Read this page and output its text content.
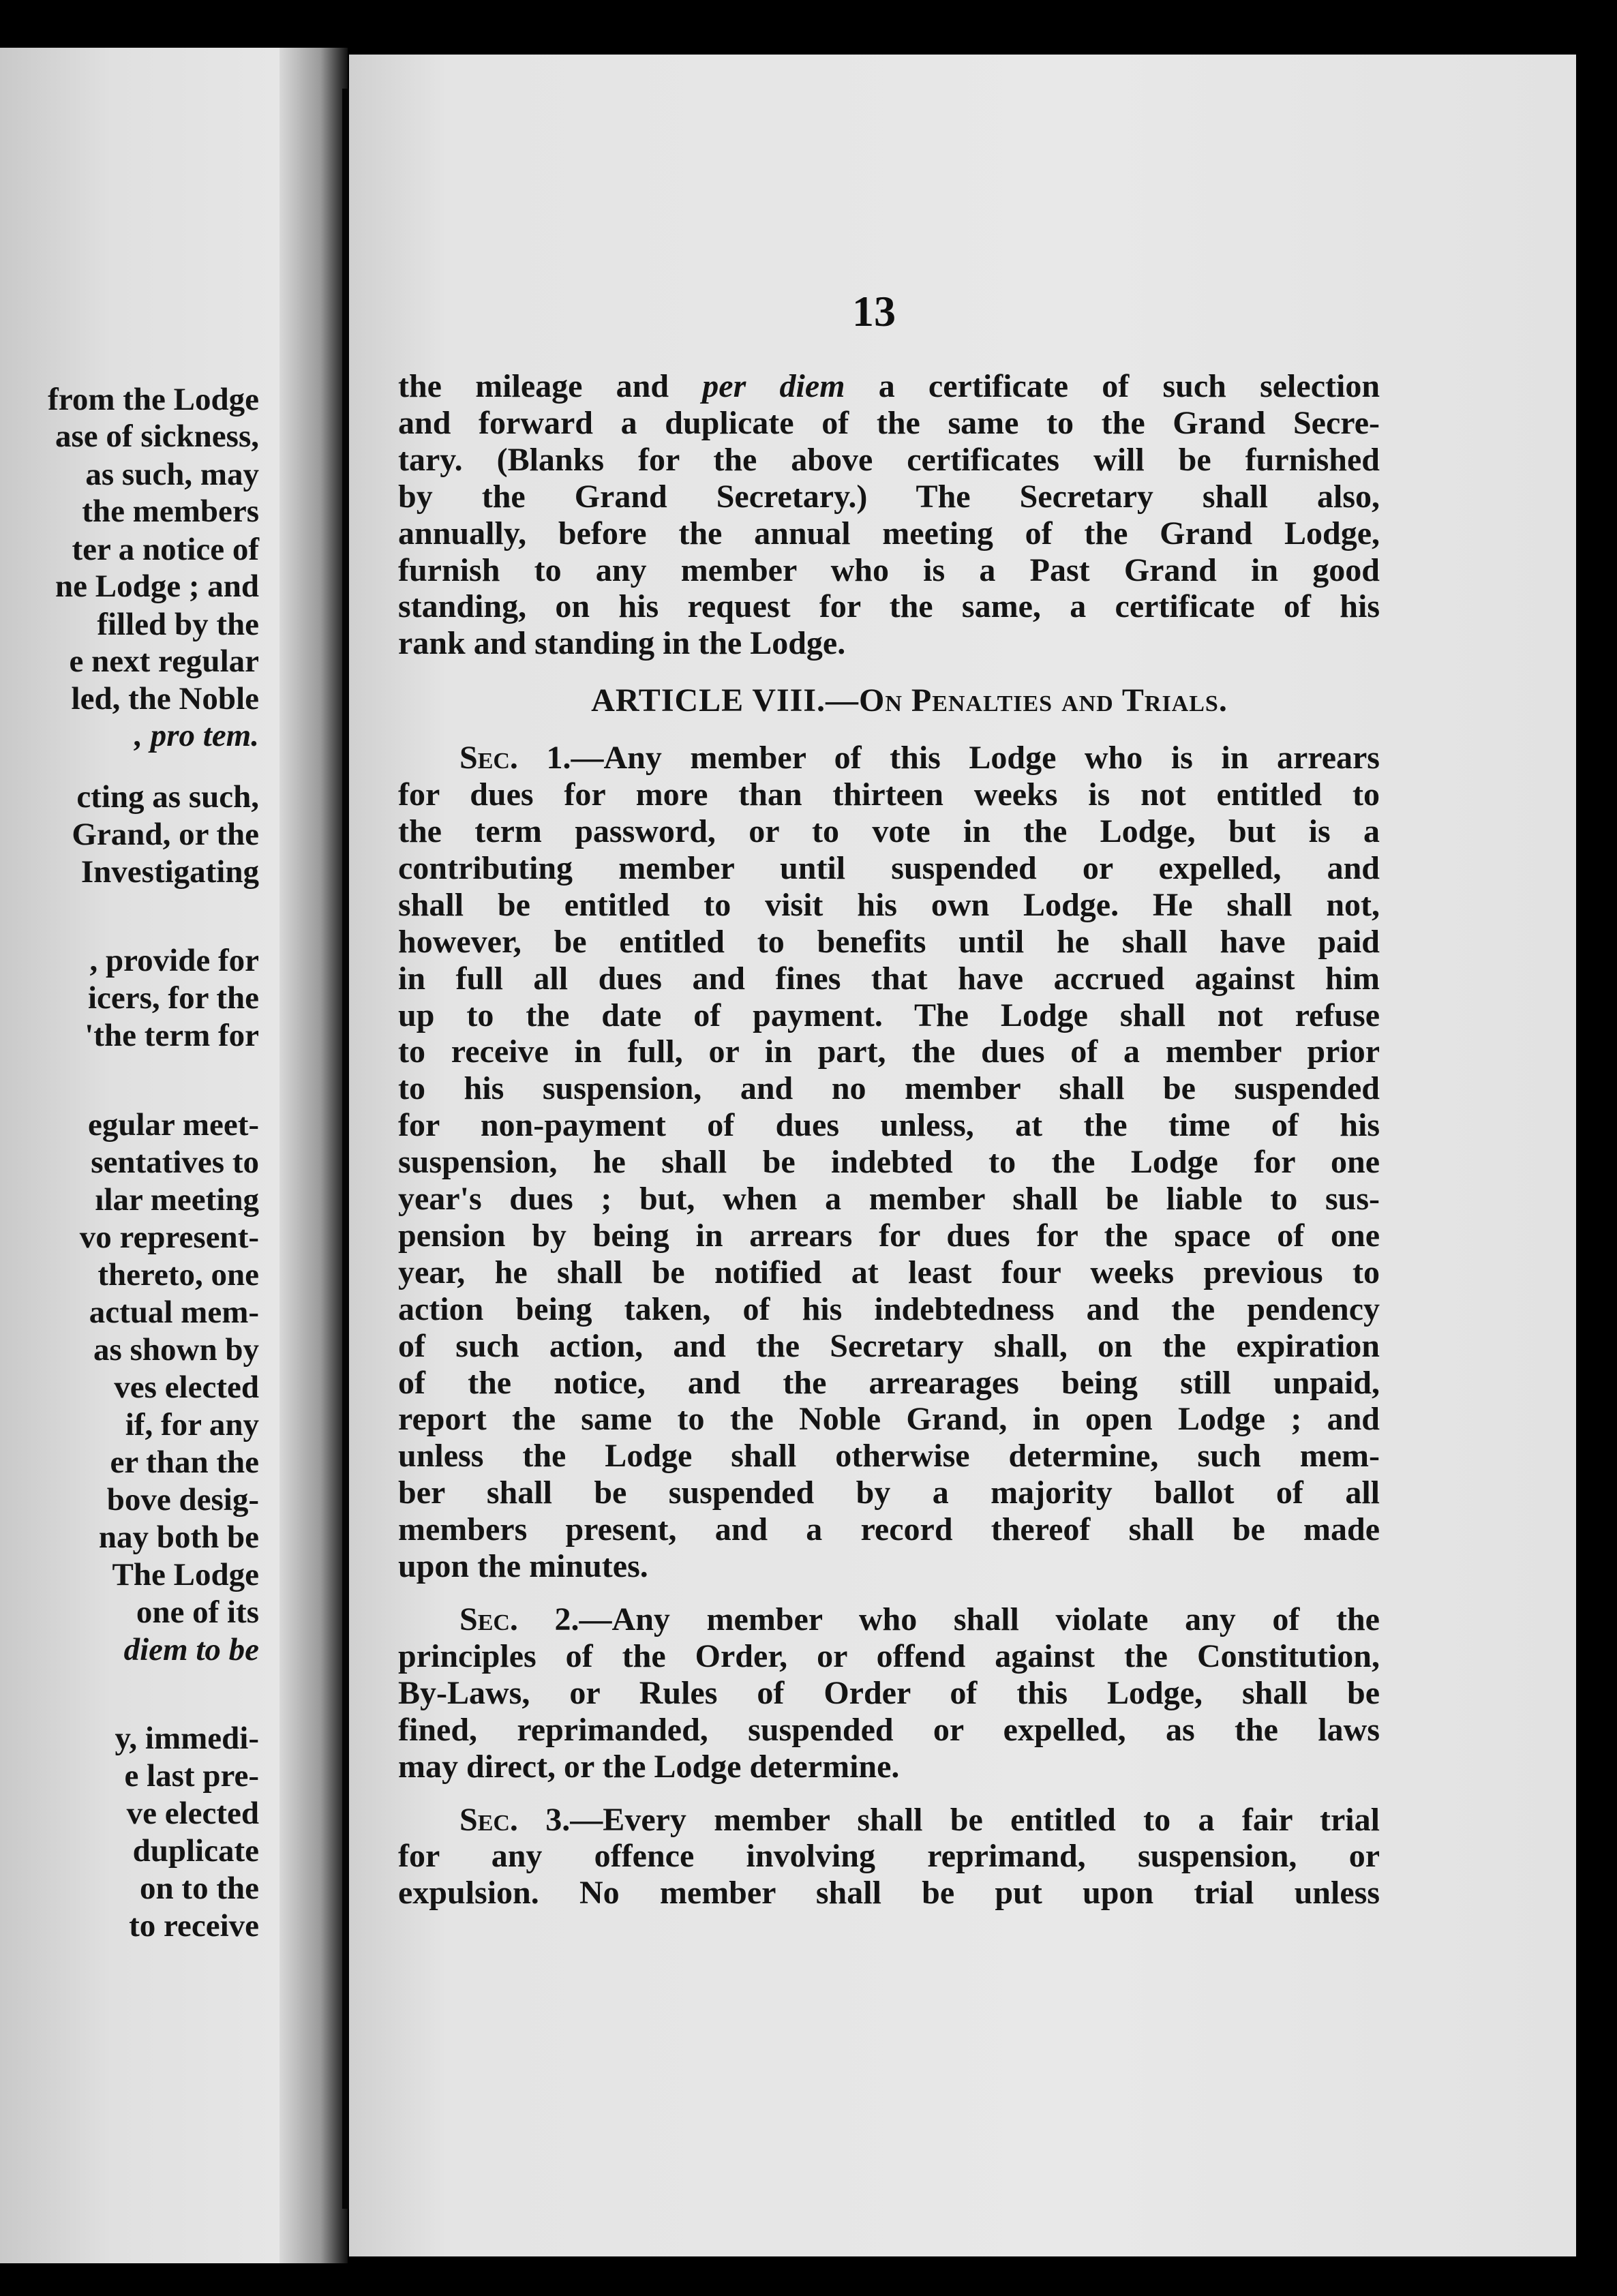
from the Lodge
ase of sickness,
as such, may
the members
ter a notice of
ne Lodge ; and
filled by the
e next regular
led, the Noble
, pro tem.
cting as such,
Grand, or the
Investigating
, provide for
icers, for the
'the term for
egular meet-
sentatives to
ılar meeting
vo represent-
thereto, one
actual mem-
as shown by
ves elected
if, for any
er than the
bove desig-
nay both be
The Lodge
one of its
diem to be
y, immedi-
e last pre-
ve elected
duplicate
on to the
to receive
13
the mileage and per diem a certificate of such selection
and forward a duplicate of the same to the Grand Secre-
tary. (Blanks for the above certificates will be furnished
by the Grand Secretary.) The Secretary shall also,
annually, before the annual meeting of the Grand Lodge,
furnish to any member who is a Past Grand in good
standing, on his request for the same, a certificate of his
rank and standing in the Lodge.
ARTICLE VIII.—On Penalties and Trials.
Sec. 1.—Any member of this Lodge who is in arrears
for dues for more than thirteen weeks is not entitled to
the term password, or to vote in the Lodge, but is a
contributing member until suspended or expelled, and
shall be entitled to visit his own Lodge. He shall not,
however, be entitled to benefits until he shall have paid
in full all dues and fines that have accrued against him
up to the date of payment. The Lodge shall not refuse
to receive in full, or in part, the dues of a member prior
to his suspension, and no member shall be suspended
for non-payment of dues unless, at the time of his
suspension, he shall be indebted to the Lodge for one
year's dues ; but, when a member shall be liable to sus-
pension by being in arrears for dues for the space of one
year, he shall be notified at least four weeks previous to
action being taken, of his indebtedness and the pendency
of such action, and the Secretary shall, on the expiration
of the notice, and the arrearages being still unpaid,
report the same to the Noble Grand, in open Lodge ; and
unless the Lodge shall otherwise determine, such mem-
ber shall be suspended by a majority ballot of all
members present, and a record thereof shall be made
upon the minutes.
Sec. 2.—Any member who shall violate any of the
principles of the Order, or offend against the Constitution,
By-Laws, or Rules of Order of this Lodge, shall be
fined, reprimanded, suspended or expelled, as the laws
may direct, or the Lodge determine.
Sec. 3.—Every member shall be entitled to a fair trial
for any offence involving reprimand, suspension, or
expulsion. No member shall be put upon trial unless
